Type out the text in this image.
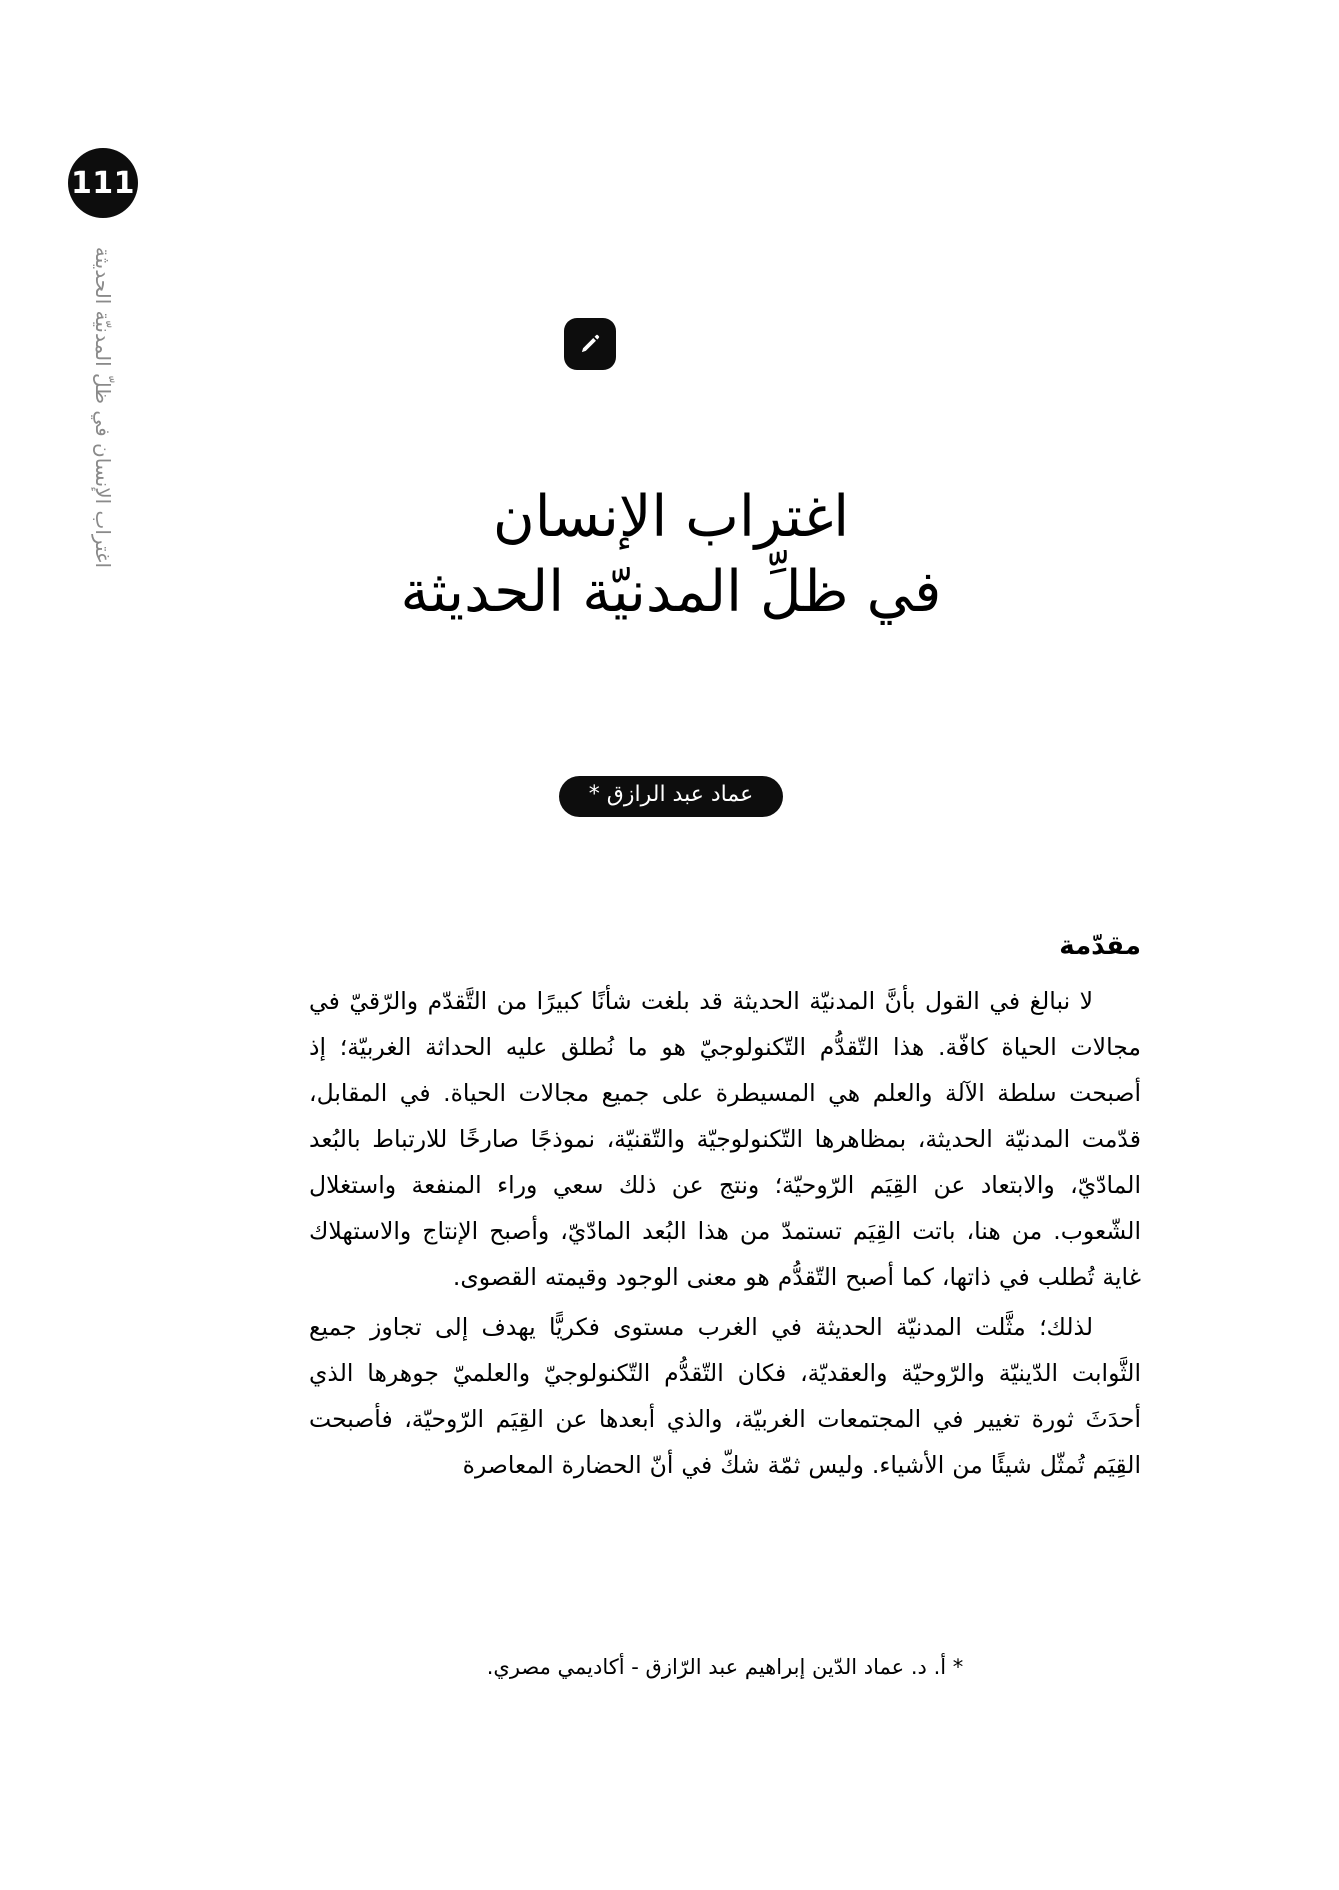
111
اغتراب الإنسان في ظلّ المدنيّة الحديثة	اغتراب الإنسان
في ظلِّ المدنيّة الحديثة
عماد عبد الرازق *
مقدّمة

لا نبالغ في القول بأنَّ المدنيّة الحديثة قد بلغت شأنًا كبيرًا من التَّقدّم والرّقيّ في مجالات الحياة كافّة. هذا التّقدُّم التّكنولوجيّ هو ما نُطلق عليه الحداثة الغربيّة؛ إذ أصبحت سلطة الآلة والعلم هي المسيطرة على جميع مجالات الحياة. في المقابل، قدّمت المدنيّة الحديثة، بمظاهرها التّكنولوجيّة والتّقنيّة، نموذجًا صارخًا للارتباط بالبُعد المادّيّ، والابتعاد عن القِيَم الرّوحيّة؛ ونتج عن ذلك سعي وراء المنفعة واستغلال الشّعوب. من هنا، باتت القِيَم تستمدّ من هذا البُعد المادّيّ، وأصبح الإنتاج والاستهلاك غاية تُطلب في ذاتها، كما أصبح التّقدُّم هو معنى الوجود وقيمته القصوى.

لذلك؛ مثَّلت المدنيّة الحديثة في الغرب مستوى فكريًّا يهدف إلى تجاوز جميع الثَّوابت الدّينيّة والرّوحيّة والعقديّة، فكان التّقدُّم التّكنولوجيّ والعلميّ جوهرها الذي أحدَثَ ثورة تغيير في المجتمعات الغربيّة، والذي أبعدها عن القِيَم الرّوحيّة، فأصبحت القِيَم تُمثّل شيئًا من الأشياء. وليس ثمّة شكّ في أنّ الحضارة المعاصرة

* أ. د. عماد الدّين إبراهيم عبد الرّازق - أكاديمي مصري.
